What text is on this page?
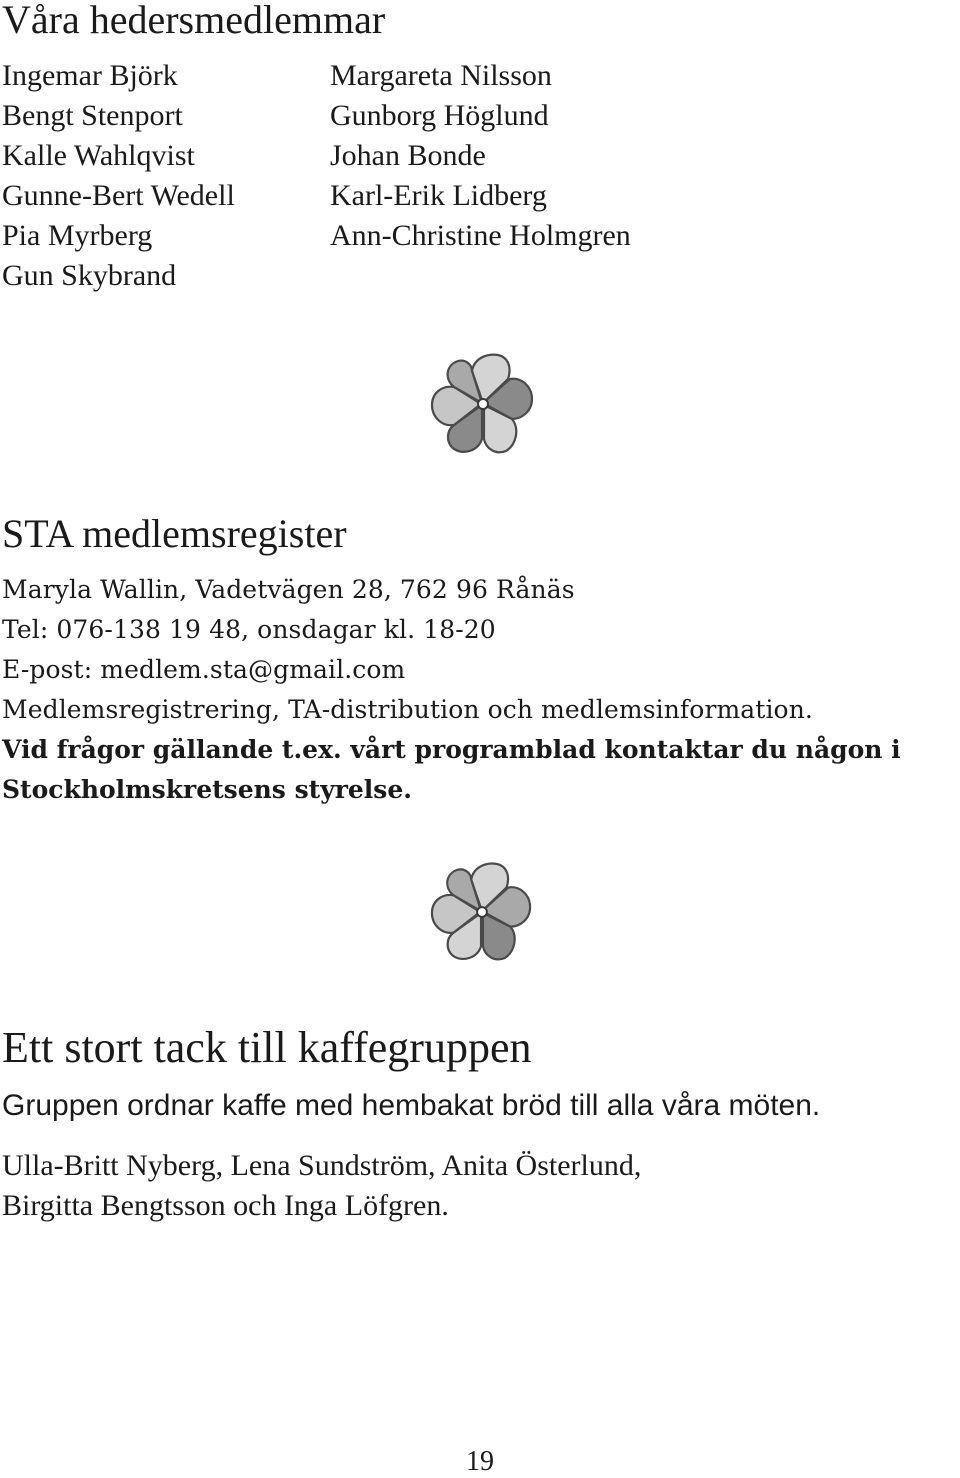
Våra hedersmedlemmar
Ingemar Björk
Bengt Stenport
Kalle Wahlqvist
Gunne-Bert Wedell
Pia Myrberg
Gun Skybrand
Margareta Nilsson
Gunborg Höglund
Johan Bonde
Karl-Erik Lidberg
Ann-Christine Holmgren
STA medlemsregister
Maryla Wallin, Vadetvägen 28, 762 96 Rånäs
Tel: 076-138 19 48, onsdagar kl. 18-20
E-post: medlem.sta@gmail.com
Medlemsregistrering, TA-distribution och medlemsinformation.
Vid frågor gällande t.ex. vårt programblad kontaktar du någon i
Stockholmskretsens styrelse.
Ett stort tack till kaffegruppen
Gruppen ordnar kaffe med hembakat bröd till alla våra möten.
Ulla-Britt Nyberg, Lena Sundström, Anita Österlund,
Birgitta Bengtsson och Inga Löfgren.
19
